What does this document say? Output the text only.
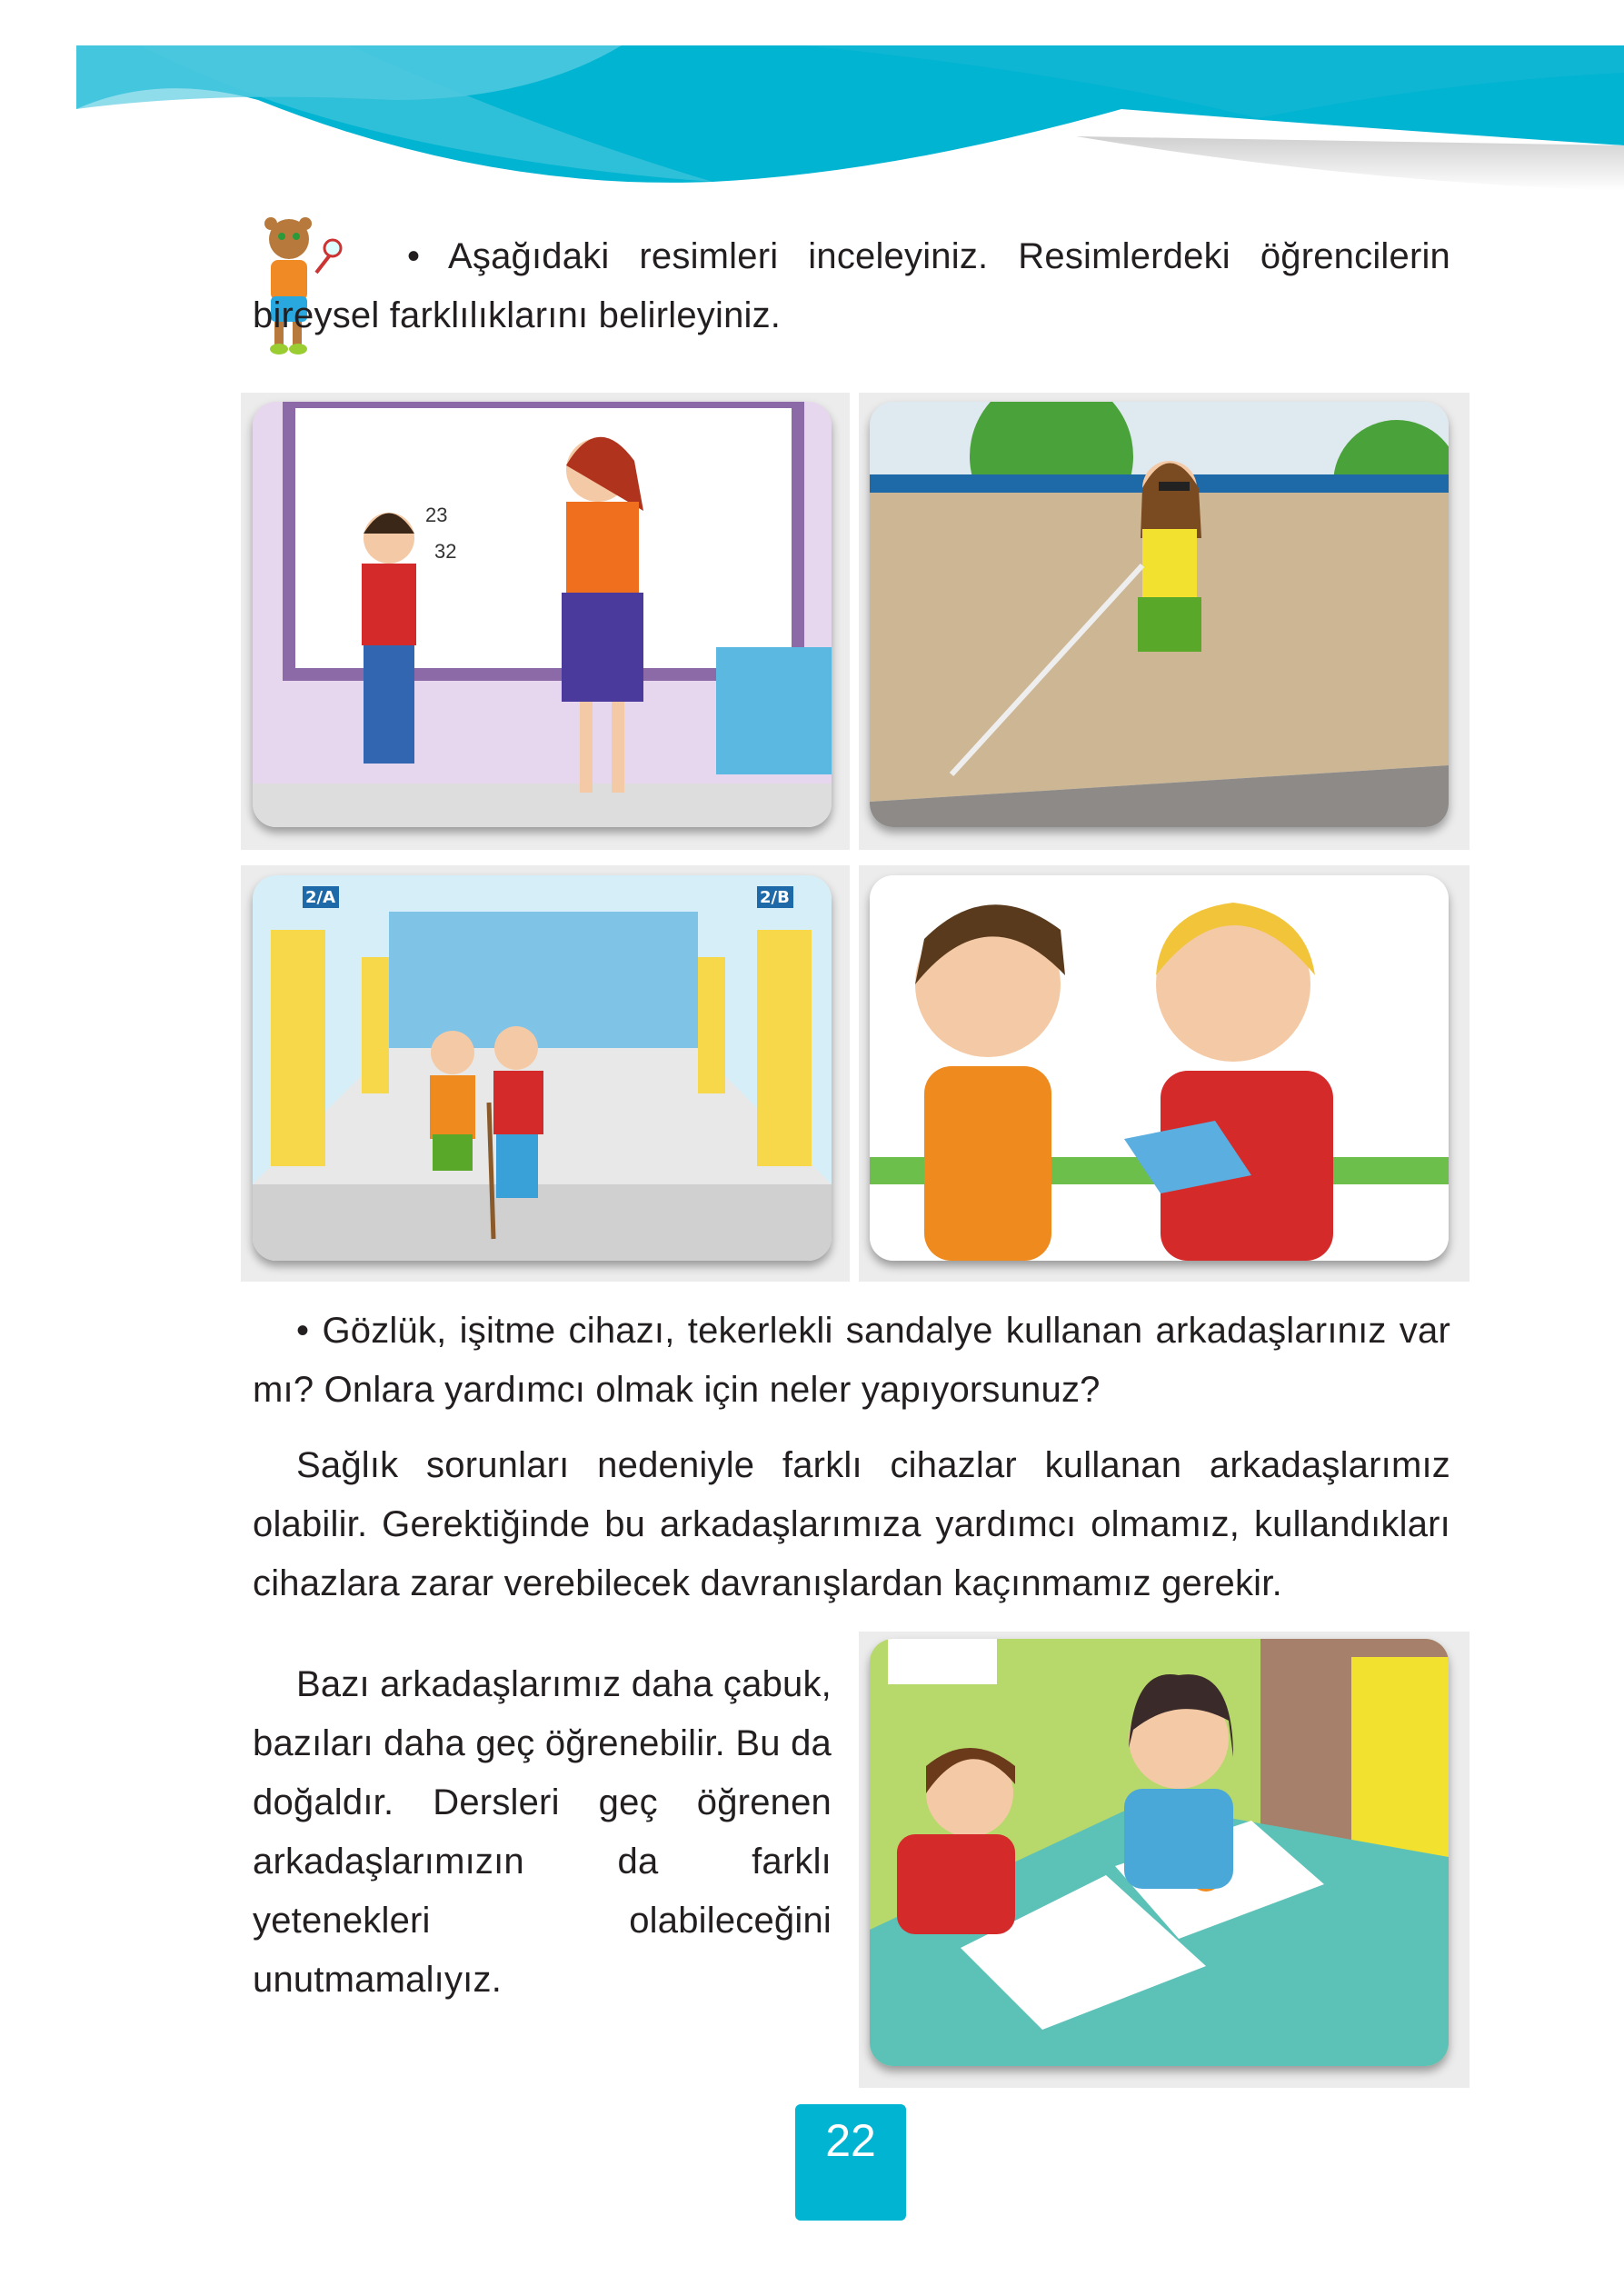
• Aşağıdaki resimleri inceleyiniz. Resimlerdeki öğrencilerin bireysel farklılıklarını belirleyiniz.

23
32
2/A	2/B

• Gözlük, işitme cihazı, tekerlekli sandalye kullanan arkadaşlarınız var mı? Onlara yardımcı olmak için neler yapıyorsunuz?

Sağlık sorunları nedeniyle farklı cihazlar kullanan arkadaşlarımız olabilir. Gerektiğinde bu arkadaşlarımıza yardımcı olmamız, kullandıkları cihazlara zarar verebilecek davranışlardan kaçınmamız gerekir.

Bazı arkadaşlarımız daha çabuk, bazıları daha geç öğrenebilir. Bu da doğaldır. Dersleri geç öğrenen arkadaşlarımızın da farklı yetenekleri olabileceğini unutmamalıyız.

22
